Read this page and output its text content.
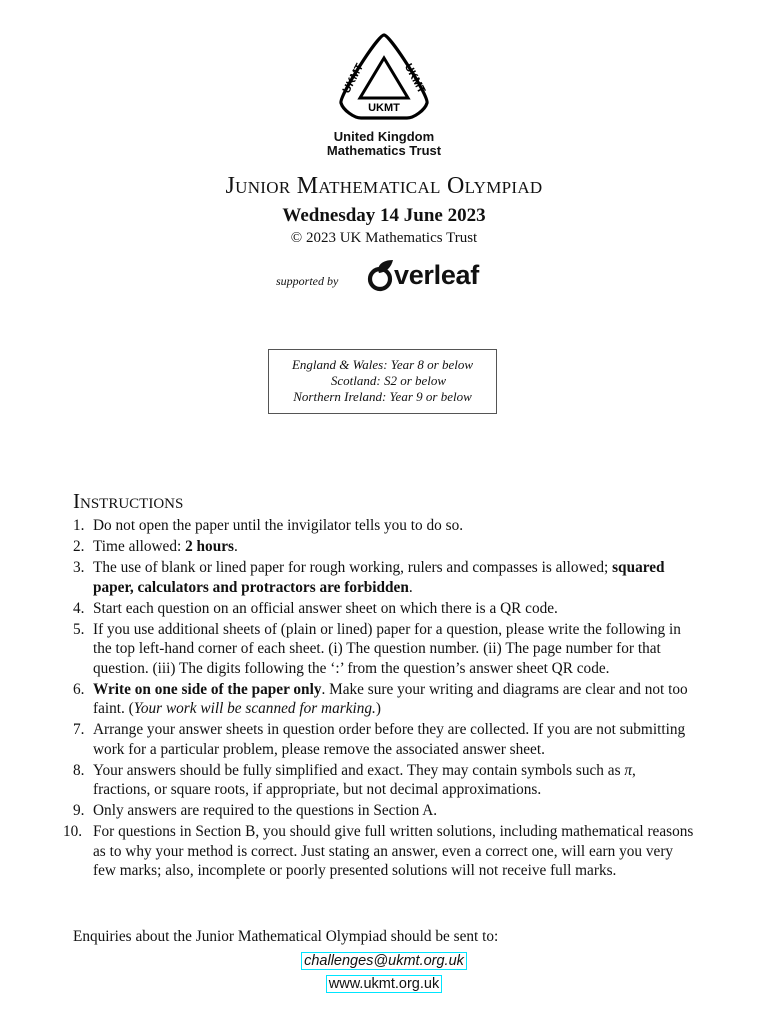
UKMT	UKMT
UKMT
United Kingdom
Mathematics Trust
Junior Mathematical Olympiad
Wednesday 14 June 2023
© 2023 UK Mathematics Trust
supported by verleaf
England & Wales: Year 8 or below
Scotland: S2 or below
Northern Ireland: Year 9 or below
Instructions
1. Do not open the paper until the invigilator tells you to do so.
2. Time allowed: 2 hours.
3. The use of blank or lined paper for rough working, rulers and compasses is allowed; squared paper, calculators and protractors are forbidden.
4. Start each question on an official answer sheet on which there is a QR code.
5. If you use additional sheets of (plain or lined) paper for a question, please write the following in the top left-hand corner of each sheet. (i) The question number. (ii) The page number for that question. (iii) The digits following the ‘:’ from the question’s answer sheet QR code.
6. Write on one side of the paper only. Make sure your writing and diagrams are clear and not too faint. (Your work will be scanned for marking.)
7. Arrange your answer sheets in question order before they are collected. If you are not submitting work for a particular problem, please remove the associated answer sheet.
8. Your answers should be fully simplified and exact. They may contain symbols such as π, fractions, or square roots, if appropriate, but not decimal approximations.
9. Only answers are required to the questions in Section A.
10. For questions in Section B, you should give full written solutions, including mathematical reasons as to why your method is correct. Just stating an answer, even a correct one, will earn you very few marks; also, incomplete or poorly presented solutions will not receive full marks.
Enquiries about the Junior Mathematical Olympiad should be sent to:
challenges@ukmt.org.uk
www.ukmt.org.uk
